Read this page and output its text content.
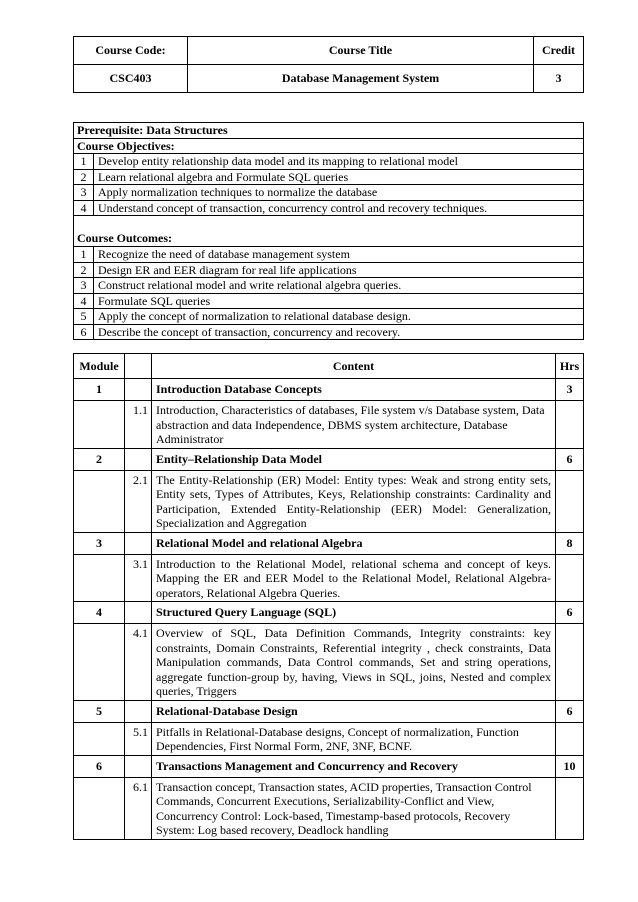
Course Code:	Course Title	Credit
CSC403	Database Management System	3
Prerequisite: Data Structures	
Course Objectives:	
1	Develop entity relationship data model and its mapping to relational model
2	Learn relational algebra and Formulate SQL queries
3	Apply normalization techniques to normalize the database
4	Understand concept of transaction, concurrency control and recovery techniques.
Course Outcomes:	
1	Recognize the need of database management system
2	Design ER and EER diagram for real life applications
3	Construct relational model and write relational algebra queries.
4	Formulate SQL queries
5	Apply the concept of normalization to relational database design.
6	Describe the concept of transaction, concurrency and recovery.
Module		Content	Hrs
1		Introduction Database Concepts	3
	1.1	Introduction, Characteristics of databases, File system v/s Database system, Data abstraction and data Independence, DBMS system architecture, Database Administrator	
2		Entity–Relationship Data Model	6
	2.1	The Entity-Relationship (ER) Model: Entity types: Weak and strong entity sets, Entity sets, Types of Attributes, Keys, Relationship constraints: Cardinality and Participation, Extended Entity-Relationship (EER) Model: Generalization, Specialization and Aggregation	
3		Relational Model and relational Algebra	8
	3.1	Introduction to the Relational Model, relational schema and concept of keys. Mapping the ER and EER Model to the Relational Model, Relational Algebra-operators, Relational Algebra Queries.	
4		Structured Query Language (SQL)	6
	4.1	Overview of SQL, Data Definition Commands, Integrity constraints: key constraints, Domain Constraints, Referential integrity , check constraints, Data Manipulation commands, Data Control commands, Set and string operations, aggregate function-group by, having, Views in SQL, joins, Nested and complex queries, Triggers	
5		Relational-Database Design	6
	5.1	Pitfalls in Relational-Database designs, Concept of normalization, Function Dependencies, First Normal Form, 2NF, 3NF, BCNF.	
6		Transactions Management and Concurrency and Recovery	10
	6.1	Transaction concept, Transaction states, ACID properties, Transaction Control Commands, Concurrent Executions, Serializability-Conflict and View, Concurrency Control: Lock-based, Timestamp-based protocols, Recovery System: Log based recovery, Deadlock handling	
